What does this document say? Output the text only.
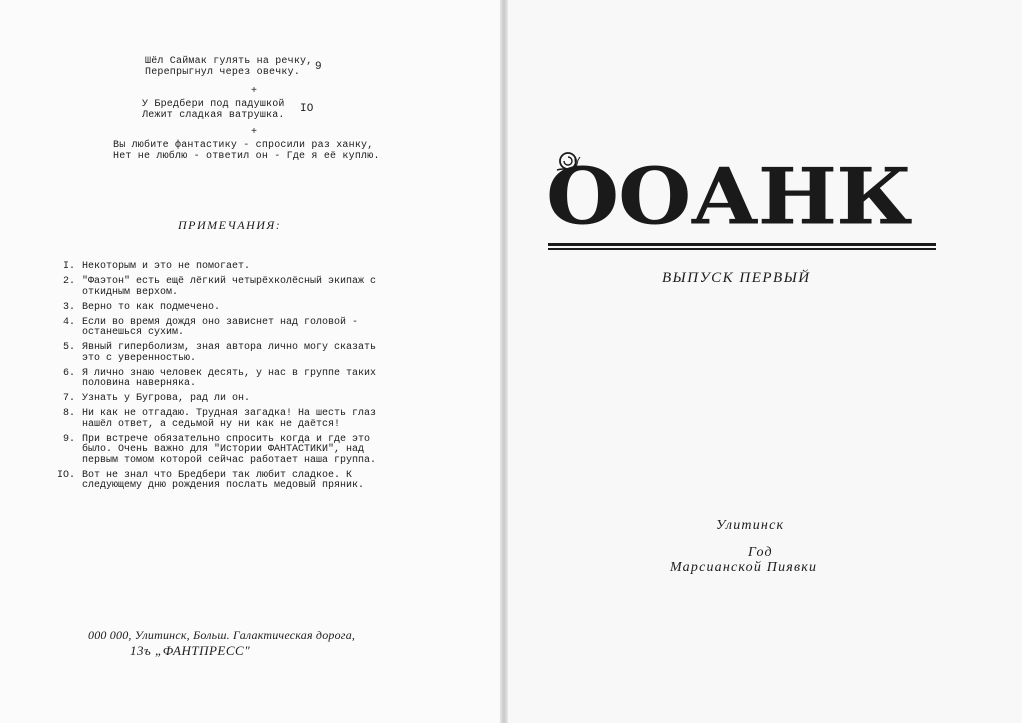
Шёл Саймак гулять на речку,
Перепрыгнул через овечку.	9
+
У Бредбери под падушкой
Лежит сладкая ватрушка.
IO
+
Вы любите фантастику - спросили раз ханку,
Нет не люблю - ответил он - Где я её куплю.
ПРИМЕЧАНИЯ:
I. Некоторым и это не помогает.
2. "Фаэтон" есть ещё лёгкий четырёхколёсный экипаж с откидным верхом.
3. Верно то как подмечено.
4. Если во время дождя оно зависнет над головой - останешься сухим.
5. Явный гиперболизм, зная автора лично могу сказать это с уверенностью.
6. Я лично знаю человек десять, у нас в группе таких половина наверняка.
7. Узнать у Бугрова, рад ли он.
8. Ни как не отгадаю. Трудная загадка! На шесть глаз нашёл ответ, а седьмой ну ни как не даётся!
9. При встрече обязательно спросить когда и где это было. Очень важно для "Истории ФАНТАСТИКИ", над первым томом которой сейчас работает наша группа.
IO. Вот не знал что Бредбери так любит сладкое. К следующему дню рождения послать медовый пряник.
000 000, Улитинск, Больш. Галактическая дорога,
13ъ „ФАНТПРЕСС"
ООАНК
ВЫПУСК ПЕРВЫЙ
Улитинск
Год
Марсианской Пиявки
